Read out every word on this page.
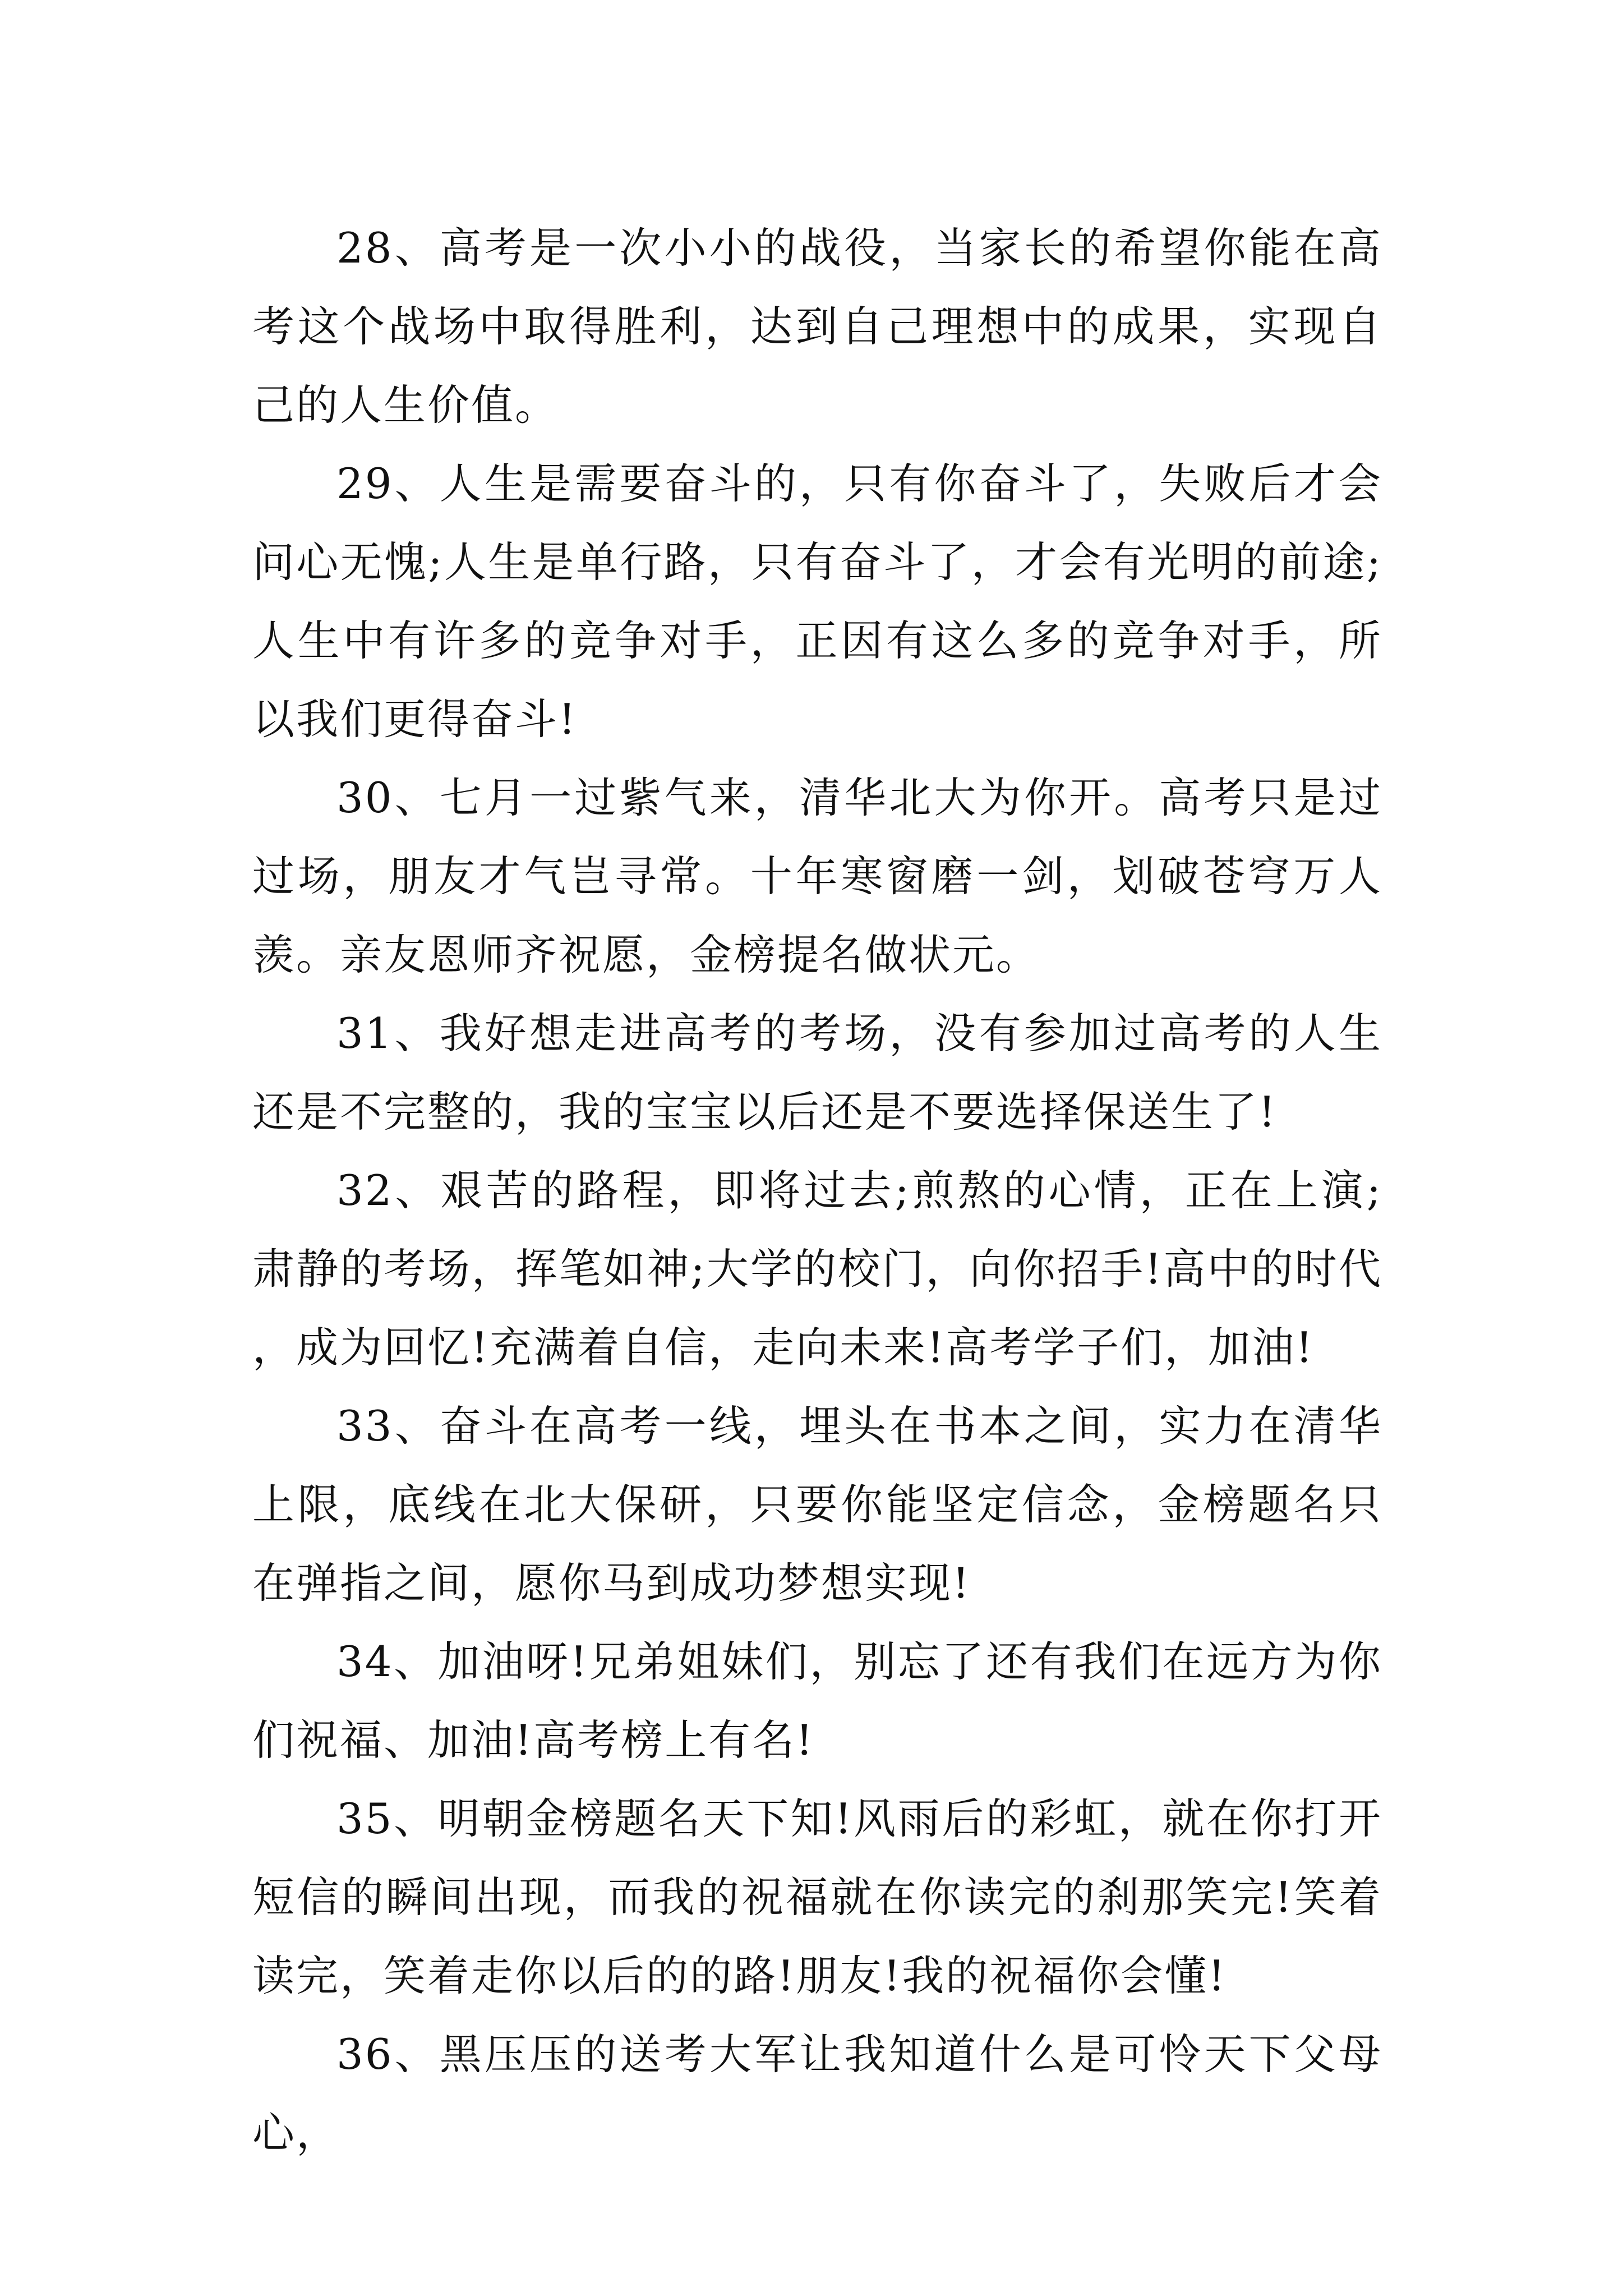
28、高考是一次小小的战役，当家长的希望你能在高考这个战场中取得胜利，达到自己理想中的成果，实现自己的人生价值。

29、人生是需要奋斗的，只有你奋斗了，失败后才会问心无愧;人生是单行路，只有奋斗了，才会有光明的前途;人生中有许多的竞争对手，正因有这么多的竞争对手，所以我们更得奋斗!

30、七月一过紫气来，清华北大为你开。高考只是过过场，朋友才气岂寻常。十年寒窗磨一剑，划破苍穹万人羡。亲友恩师齐祝愿，金榜提名做状元。

31、我好想走进高考的考场，没有参加过高考的人生还是不完整的，我的宝宝以后还是不要选择保送生了!

32、艰苦的路程，即将过去;煎熬的心情，正在上演;肃静的考场，挥笔如神;大学的校门，向你招手!高中的时代，成为回忆!充满着自信，走向未来!高考学子们，加油!

33、奋斗在高考一线，埋头在书本之间，实力在清华上限，底线在北大保研，只要你能坚定信念，金榜题名只在弹指之间，愿你马到成功梦想实现!

34、加油呀!兄弟姐妹们，别忘了还有我们在远方为你们祝福、加油!高考榜上有名!

35、明朝金榜题名天下知!风雨后的彩虹，就在你打开短信的瞬间出现，而我的祝福就在你读完的刹那笑完!笑着读完，笑着走你以后的的路!朋友!我的祝福你会懂!

36、黑压压的送考大军让我知道什么是可怜天下父母心，
